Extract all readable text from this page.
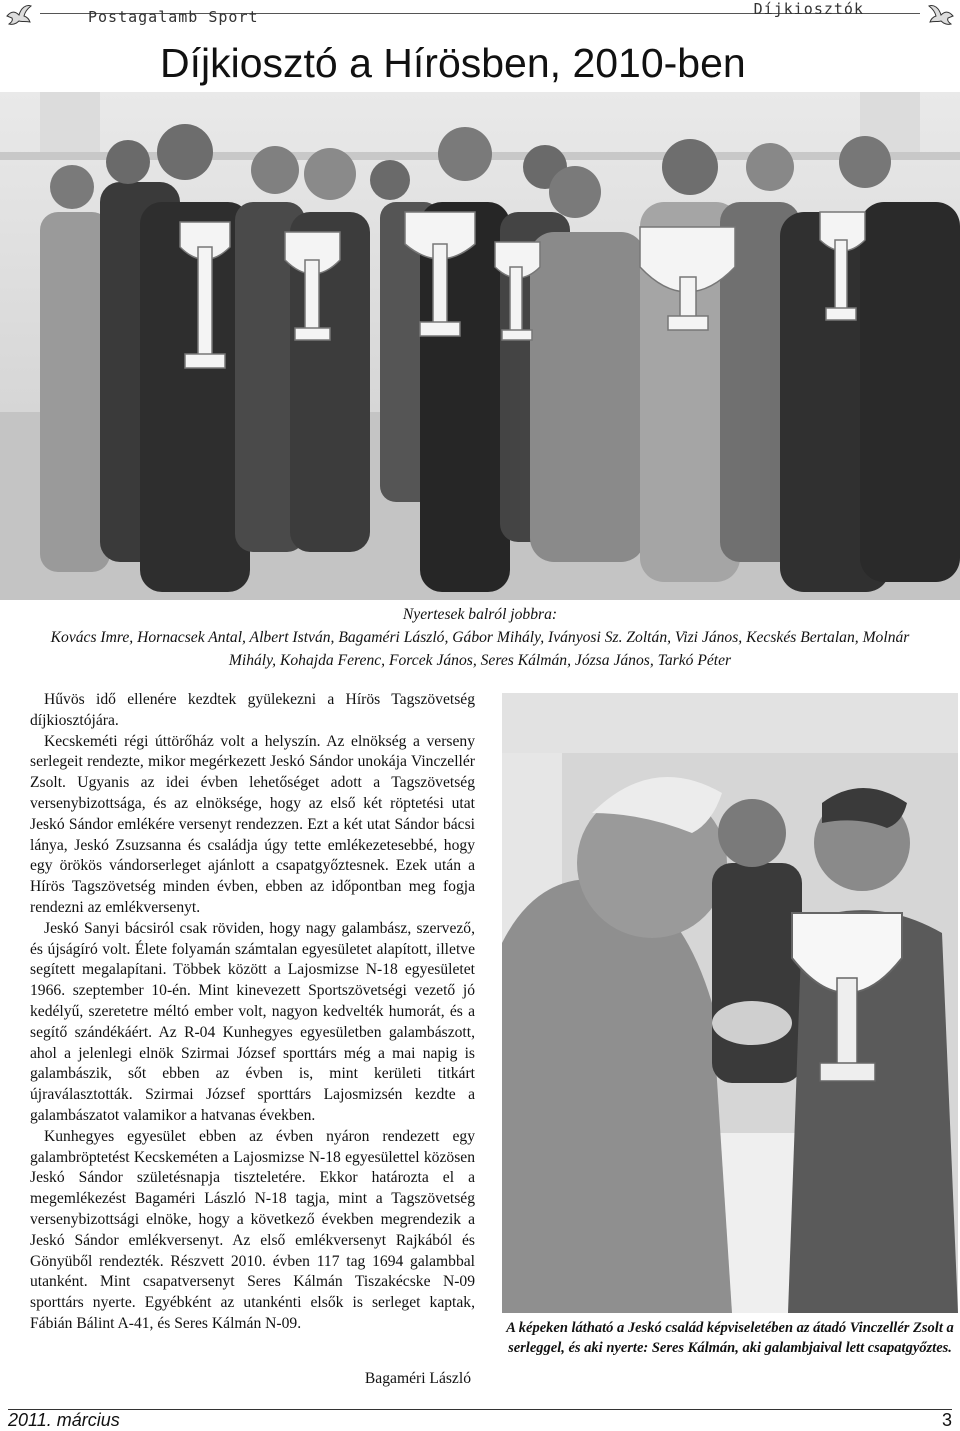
Postagalamb Sport	Díjkiosztók
Díjkiosztó a Hírösben, 2010-ben
Nyertesek balról jobbra:
Kovács Imre, Hornacsek Antal, Albert István, Bagaméri László, Gábor Mihály, Iványosi Sz. Zoltán, Vizi János, Kecskés Bertalan, Molnár
Mihály, Kohajda Ferenc, Forcek János, Seres Kálmán, Józsa János, Tarkó Péter

Hűvös idő ellenére kezdtek gyülekezni a Hírös Tagszövetség díjkiosztójára.

Kecskeméti régi úttörőház volt a helyszín. Az elnökség a verseny serlegeit rendezte, mikor megérkezett Jeskó Sándor unokája Vinczellér Zsolt. Ugyanis az idei évben lehetőséget adott a Tagszövetség versenybizottsága, és az elnöksége, hogy az első két röptetési utat Jeskó Sándor emlékére versenyt rendezzen. Ezt a két utat Sándor bácsi lánya, Jeskó Zsuzsanna és családja úgy tette emlékezetesebbé, hogy egy örökös vándorserleget ajánlott a csapatgyőztesnek. Ezek után a Hírös Tagszövetség minden évben, ebben az időpontban meg fogja rendezni az emlékversenyt.

Jeskó Sanyi bácsiról csak röviden, hogy nagy galambász, szervező, és újságíró volt. Élete folyamán számtalan egyesületet alapított, illetve segített megalapítani. Többek között a Lajosmizse N-18 egyesületet 1966. szeptember 10-én. Mint kinevezett Sportszövetségi vezető jó kedélyű, szeretetre méltó ember volt, nagyon kedvelték humorát, és a segítő szándékáért. Az R-04 Kunhegyes egyesületben galambászott, ahol a jelenlegi elnök Szirmai József sporttárs még a mai napig is galambászik, sőt ebben az évben is, mint kerületi titkárt újraválasztották. Szirmai József sporttárs Lajosmizsén kezdte a galambászatot valamikor a hatvanas években.

Kunhegyes egyesület ebben az évben nyáron rendezett egy galambröptetést Kecskeméten a Lajosmizse N-18 egyesülettel közösen Jeskó Sándor születésnapja tiszteletére. Ekkor határozta el a megemlékezést Bagaméri László N-18 tagja, mint a Tagszövetség versenybizottsági elnöke, hogy a következő években megrendezik a Jeskó Sándor emlékversenyt. Az első emlékversenyt Rajkából és Gönyüből rendezték. Részvett 2010. évben 117 tag 1694 galambbal utanként. Mint csapatversenyt Seres Kálmán Tiszakécske N-09 sporttárs nyerte. Egyébként az utankénti elsők is serleget kaptak, Fábián Bálint A-41, és Seres Kálmán N-09.

Bagaméri László
A képeken látható a Jeskó család képviseletében az átadó Vinczellér Zsolt a serleggel, és aki nyerte: Seres Kálmán, aki galambjaival lett csapatgyőztes.
2011. március	3
